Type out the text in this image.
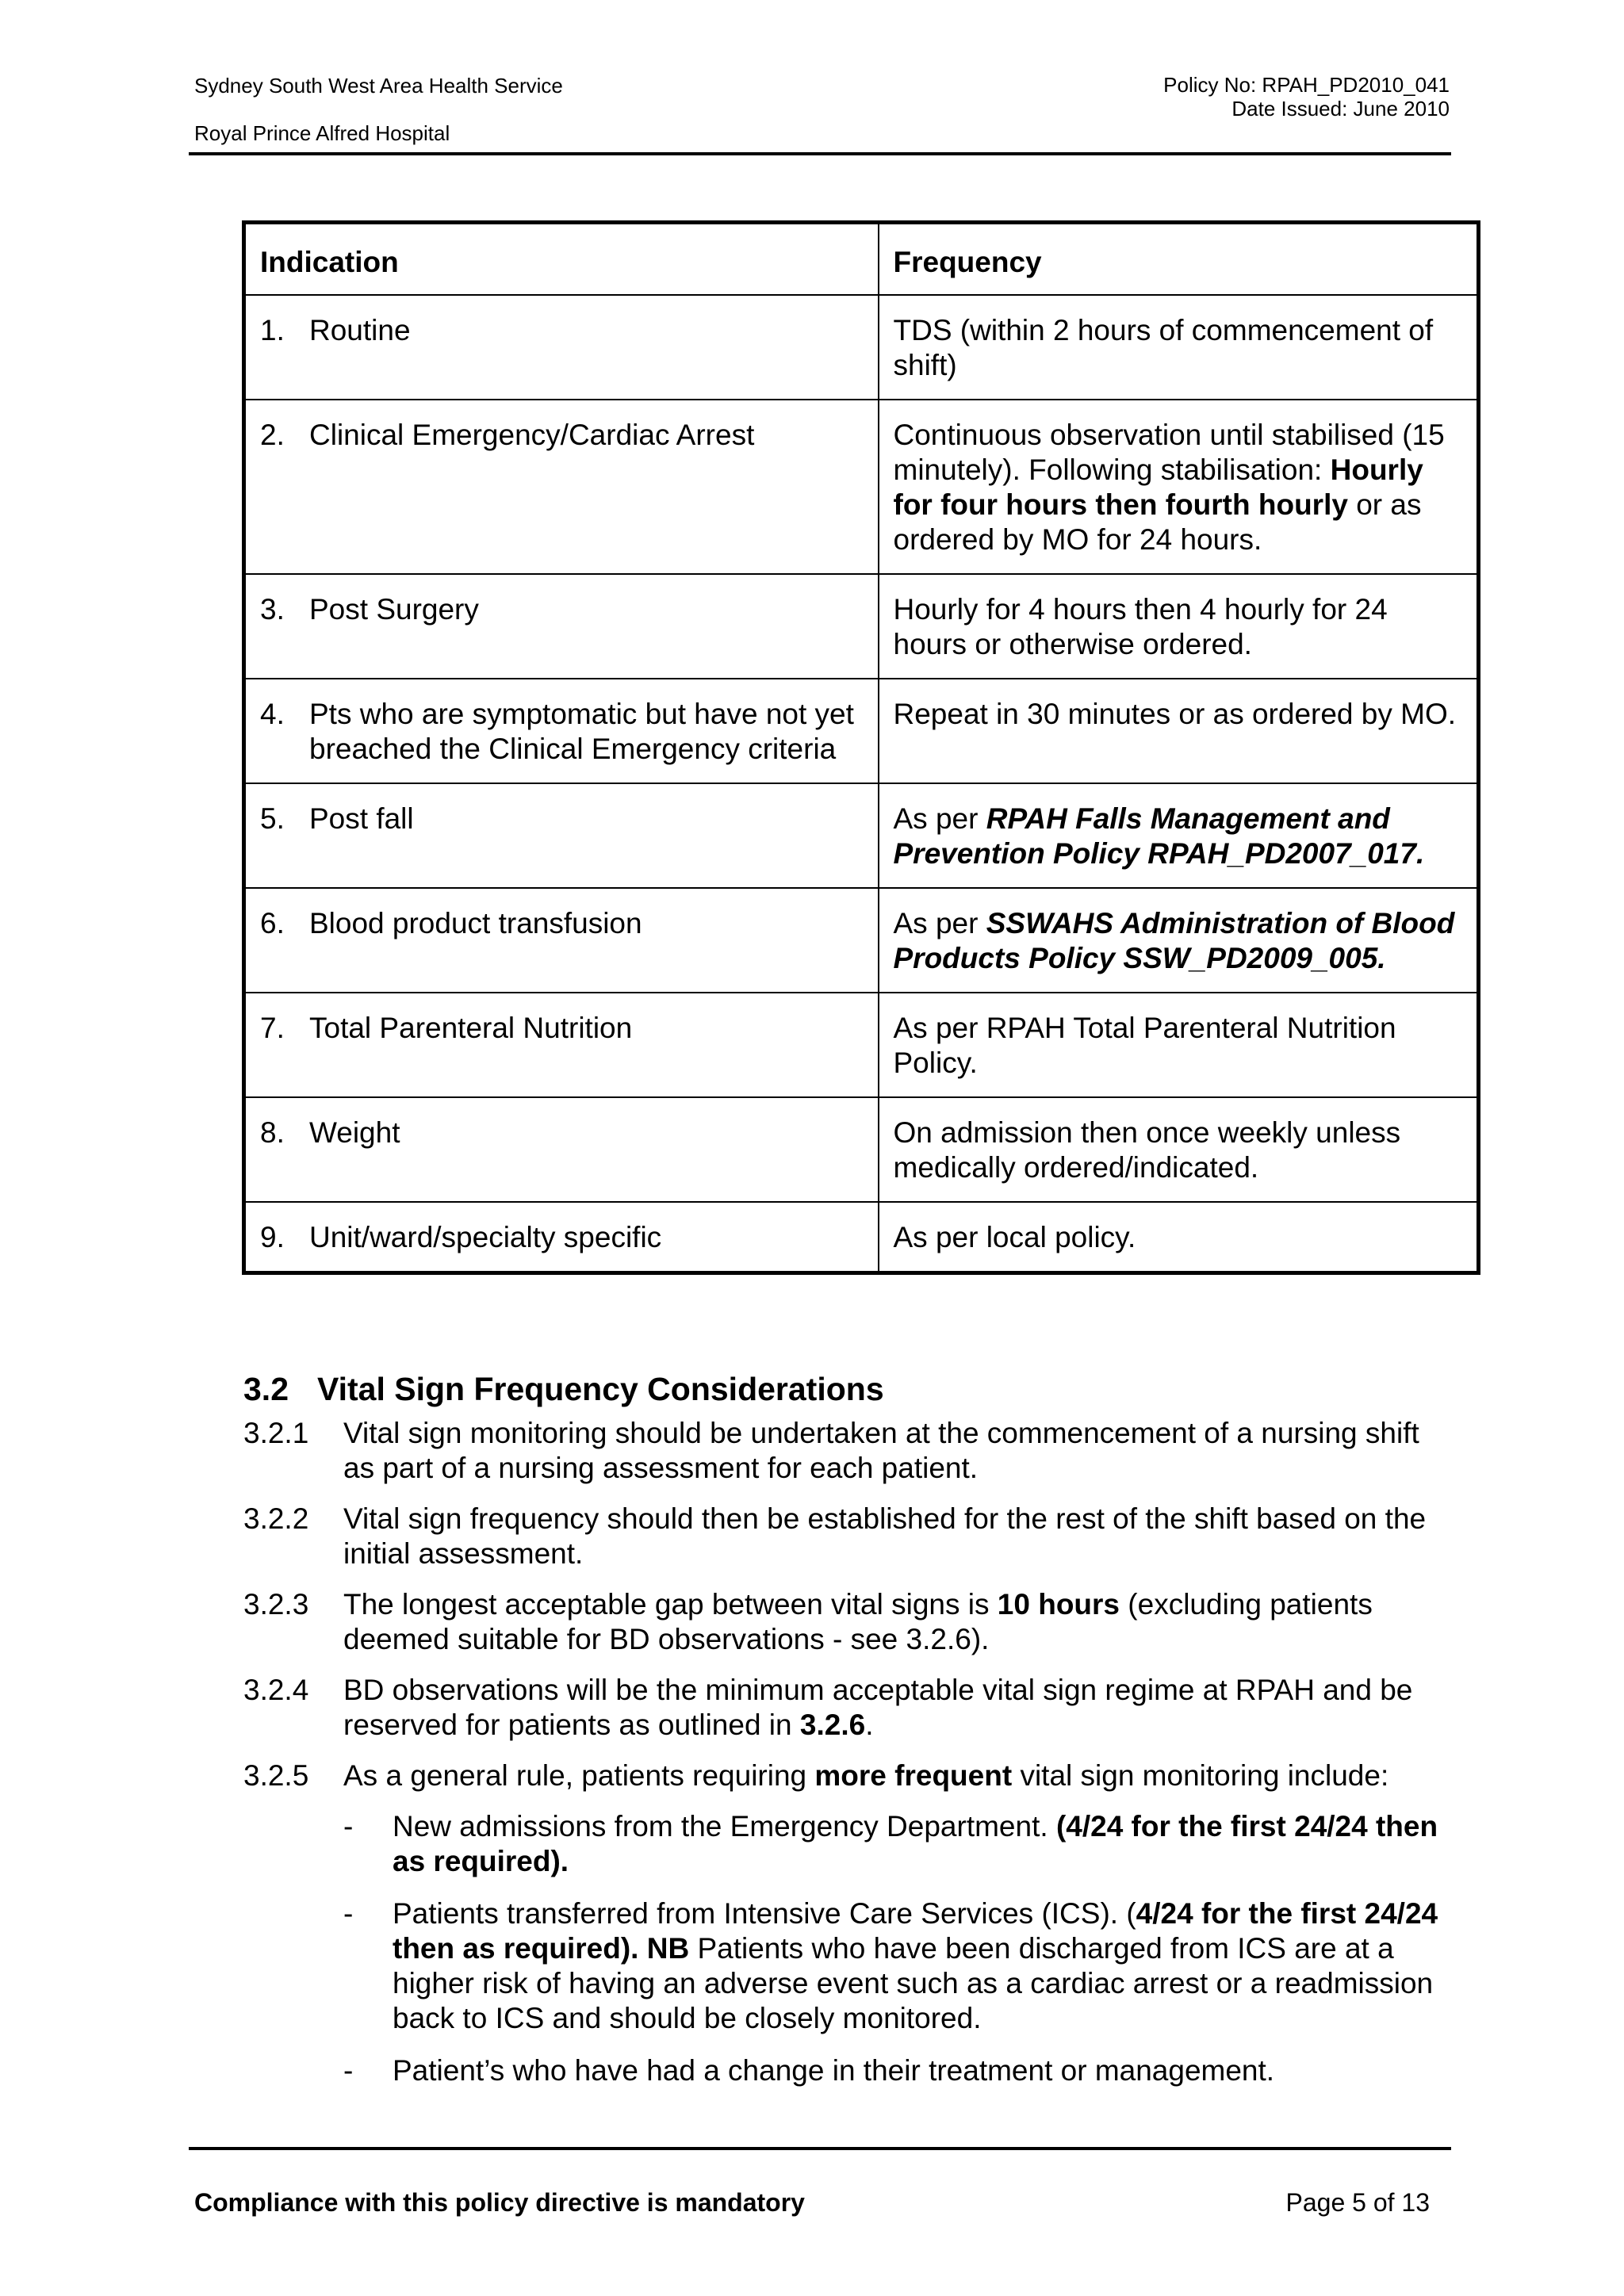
Sydney South West Area Health Service
Royal Prince Alfred Hospital
Policy No: RPAH_PD2010_041
Date Issued: June 2010
Indication	Frequency

1. Routine	TDS (within 2 hours of commencement of shift)

2. Clinical Emergency/Cardiac Arrest	Continuous observation until stabilised (15 minutely). Following stabilisation: Hourly for four hours then fourth hourly or as ordered by MO for 24 hours.

3. Post Surgery	Hourly for 4 hours then 4 hourly for 24 hours or otherwise ordered.

4. Pts who are symptomatic but have not yet breached the Clinical Emergency criteria	Repeat in 30 minutes or as ordered by MO.

5. Post fall	As per RPAH Falls Management and Prevention Policy RPAH_PD2007_017.

6. Blood product transfusion	As per SSWAHS Administration of Blood Products Policy SSW_PD2009_005.

7. Total Parenteral Nutrition	As per RPAH Total Parenteral Nutrition Policy.

8. Weight	On admission then once weekly unless medically ordered/indicated.

9. Unit/ward/specialty specific	As per local policy.
3.2 Vital Sign Frequency Considerations
3.2.1	Vital sign monitoring should be undertaken at the commencement of a nursing shift as part of a nursing assessment for each patient.
3.2.2	Vital sign frequency should then be established for the rest of the shift based on the initial assessment.
3.2.3	The longest acceptable gap between vital signs is 10 hours (excluding patients deemed suitable for BD observations - see 3.2.6).
3.2.4	BD observations will be the minimum acceptable vital sign regime at RPAH and be reserved for patients as outlined in 3.2.6.
3.2.5	As a general rule, patients requiring more frequent vital sign monitoring include:
-	New admissions from the Emergency Department. (4/24 for the first 24/24 then as required).
-	Patients transferred from Intensive Care Services (ICS). (4/24 for the first 24/24 then as required). NB Patients who have been discharged from ICS are at a higher risk of having an adverse event such as a cardiac arrest or a readmission back to ICS and should be closely monitored.
-	Patient’s who have had a change in their treatment or management.
Compliance with this policy directive is mandatory	Page 5 of 13
